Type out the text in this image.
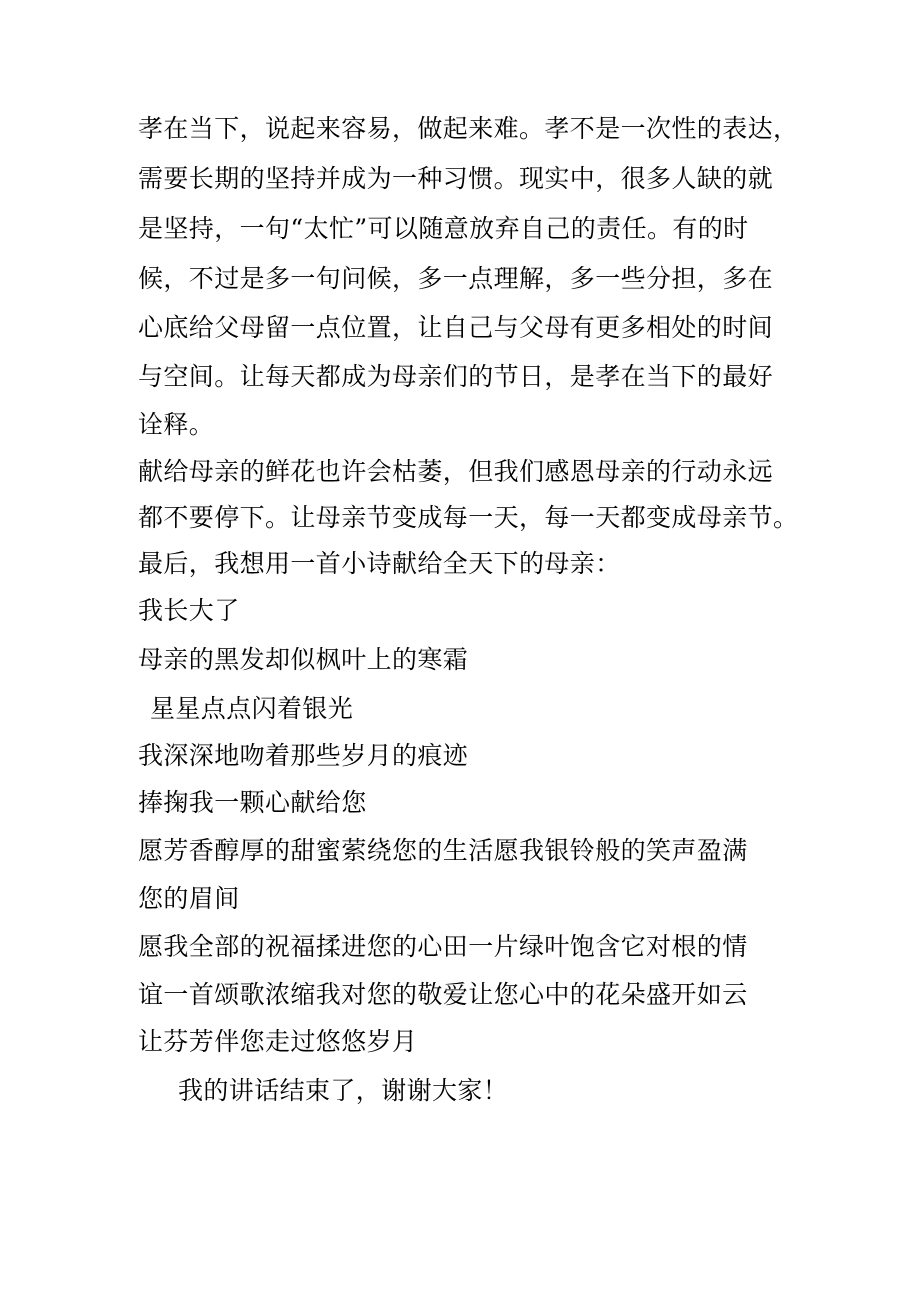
孝在当下，说起来容易，做起来难。孝不是一次性的表达，
需要长期的坚持并成为一种习惯。现实中，很多人缺的就
是坚持，一句“太忙”可以随意放弃自己的责任。有的时
候，不过是多一句问候，多一点理解，多一些分担，多在
心底给父母留一点位置，让自己与父母有更多相处的时间
与空间。让每天都成为母亲们的节日，是孝在当下的最好
诠释。
献给母亲的鲜花也许会枯萎，但我们感恩母亲的行动永远
都不要停下。让母亲节变成每一天，每一天都变成母亲节。
最后，我想用一首小诗献给全天下的母亲：
我长大了
母亲的黑发却似枫叶上的寒霜
星星点点闪着银光
我深深地吻着那些岁月的痕迹
捧掬我一颗心献给您
愿芳香醇厚的甜蜜萦绕您的生活愿我银铃般的笑声盈满
您的眉间
愿我全部的祝福揉进您的心田一片绿叶饱含它对根的情
谊一首颂歌浓缩我对您的敬爱让您心中的花朵盛开如云
让芬芳伴您走过悠悠岁月
我的讲话结束了，谢谢大家！
